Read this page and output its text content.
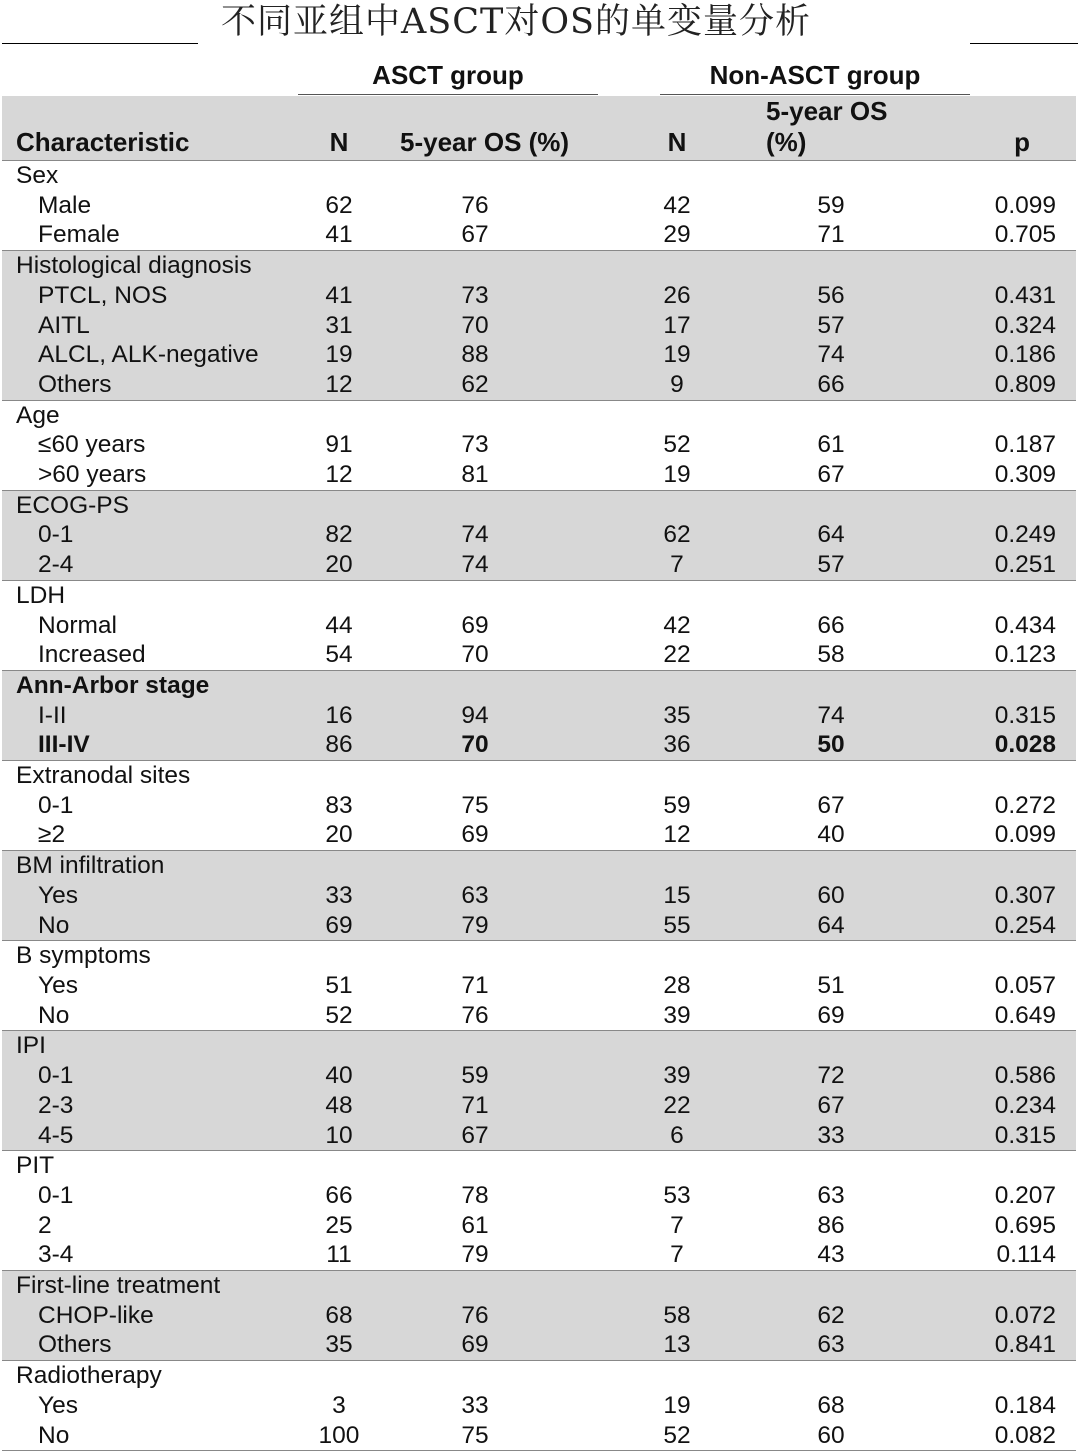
不同亚组中ASCT对OS的单变量分析
ASCT group	Non-ASCT group
Characteristic	N	5-year OS (%)	N	5-year OS (%)	p
Sex					
Male	62	76	42	59	0.099
Female	41	67	29	71	0.705
Histological diagnosis					
PTCL, NOS	41	73	26	56	0.431
AITL	31	70	17	57	0.324
ALCL, ALK-negative	19	88	19	74	0.186
Others	12	62	9	66	0.809
Age					
≤60 years	91	73	52	61	0.187
>60 years	12	81	19	67	0.309
ECOG-PS					
0-1	82	74	62	64	0.249
2-4	20	74	7	57	0.251
LDH					
Normal	44	69	42	66	0.434
Increased	54	70	22	58	0.123
Ann-Arbor stage					
I-II	16	94	35	74	0.315
III-IV	86	70	36	50	0.028
Extranodal sites					
0-1	83	75	59	67	0.272
≥2	20	69	12	40	0.099
BM infiltration					
Yes	33	63	15	60	0.307
No	69	79	55	64	0.254
B symptoms					
Yes	51	71	28	51	0.057
No	52	76	39	69	0.649
IPI					
0-1	40	59	39	72	0.586
2-3	48	71	22	67	0.234
4-5	10	67	6	33	0.315
PIT					
0-1	66	78	53	63	0.207
2	25	61	7	86	0.695
3-4	11	79	7	43	0.114
First-line treatment					
CHOP-like	68	76	58	62	0.072
Others	35	69	13	63	0.841
Radiotherapy					
Yes	3	33	19	68	0.184
No	100	75	52	60	0.082
